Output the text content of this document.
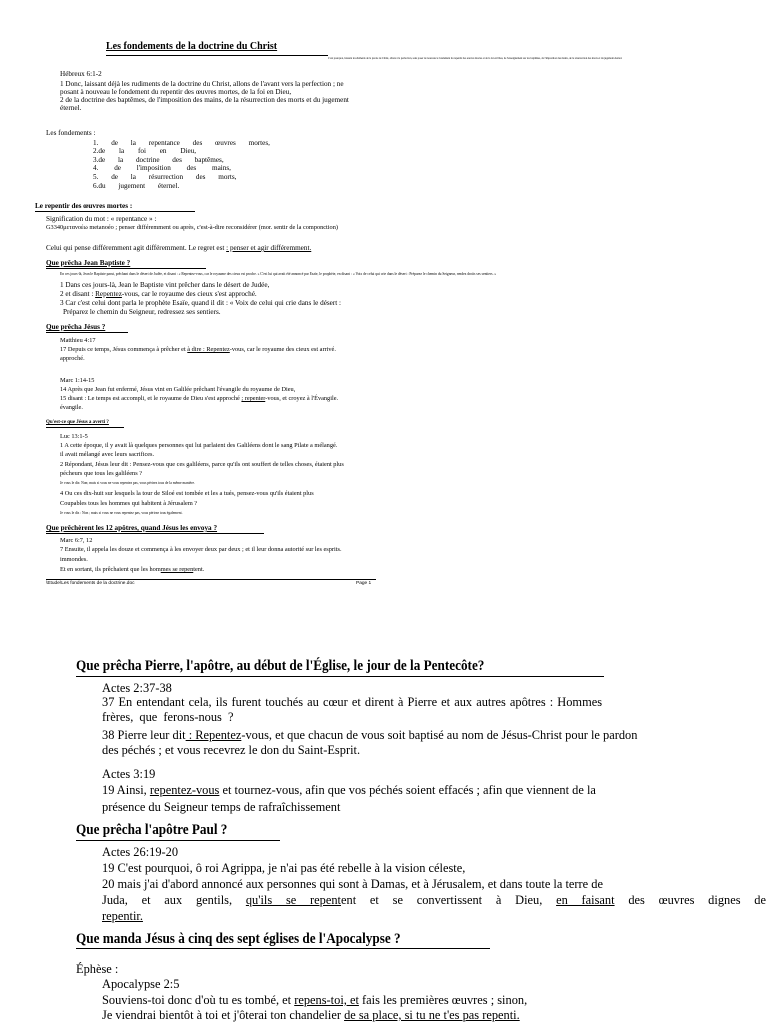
Les fondements de la doctrine du Christ
C'est pourquoi, laissant les éléments de la parole de Christ, allons à la perfection, sans poser de nouveau le fondement du repentir des œuvres mortes et de la foi en Dieu, de l'enseignement sur les baptêmes, de l'imposition des mains, de la résurrection des morts et du jugement éternel.
Hébreux 6:1-2
1 Donc, laissant déjà les rudiments de la doctrine du Christ, allons de l'avant vers la perfection ; ne
posant à nouveau le fondement du repentir des œuvres mortes, de la foi en Dieu,
2 de la doctrine des baptêmes, de l'imposition des mains, de la résurrection des morts et du jugement
éternel.
Les fondements :
1. de la repentance des œuvres mortes,
2.de la foi en Dieu,
3.de la doctrine des baptêmes,
4. de l'imposition des mains,
5. de la résurrection des morts,
6.du jugement éternel.
Le repentir des œuvres mortes :
Signification du mot : « repentance » :
G3340μετανοέω metanoéo ; penser différemment ou après, c'est-à-dire reconsidérer (mor. sentir de la componction)
Celui qui pense différemment agit différemment. Le regret est : penser et agir différemment.
Que prêcha Jean Baptiste ?
En ces jours-là, Jean le Baptiste parut, prêchant dans le désert de Judée, et disant : « Repentez-vous, car le royaume des cieux est proche. » C'est lui qui avait été annoncé par Esaïe, le prophète, en disant : « Voix de celui qui crie dans le désert : Préparez le chemin du Seigneur, rendez droits ses sentiers. »
1 Dans ces jours-là, Jean le Baptiste vint prêcher dans le désert de Judée,
2 et disant : Repentez-vous, car le royaume des cieux s'est approché.
3 Car c'est celui dont parla le prophète Esaïe, quand il dit : « Voix de celui qui crie dans le désert :
Préparez le chemin du Seigneur, redressez ses sentiers.
Que prêcha Jésus ?
Matthieu 4:17
17 Depuis ce temps, Jésus commença à prêcher et à dire : Repentez-vous, car le royaume des cieux est arrivé.
approché.
Marc 1:14-15
14 Après que Jean fut enfermé, Jésus vint en Galilée prêchant l'évangile du royaume de Dieu,
15 disant : Le temps est accompli, et le royaume de Dieu s'est approché ; repenter-vous, et croyez à l'Évangile.
évangile.
Qu'est-ce que Jésus a averti ?
Luc 13:1-5
1 A cette époque, il y avait là quelques personnes qui lui parlaient des Galiléens dont le sang Pilate a mélangé.
il avait mélangé avec leurs sacrifices.
2 Répondant, Jésus leur dit : Pensez-vous que ces galiléens, parce qu'ils ont souffert de telles choses, étaient plus
pécheurs que tous les galiléens ?
Je vous le dis: Non; mais si vous ne vous repentez pas, vous périrez tous de la même manière.
4 Ou ces dix-huit sur lesquels la tour de Siloé est tombée et les a tués, pensez-vous qu'ils étaient plus
Coupables tous les hommes qui habitent à Jérusalem ?
Je vous le dis : Non ; mais si vous ne vous repentez pas, vous périrez tous également.
Que prêchèrent les 12 apôtres, quand Jésus les envoya ?
Marc 6:7, 12
7 Ensuite, il appela les douze et commença à les envoyer deux par deux ; et il leur donna autorité sur les esprits.
immondes.
Et en sortant, ils prêchaient que les hommes se repentent.
\Etude\Les fondements de la doctrine.doc	Page 1
Que prêcha Pierre, l'apôtre, au début de l'Église, le jour de la Pentecôte?
Actes 2:37-38
37 En entendant cela, ils furent touchés au cœur et dirent à Pierre et aux autres apôtres : Hommes
frères, que ferons-nous ?
38 Pierre leur dit : Repentez-vous, et que chacun de vous soit baptisé au nom de Jésus-Christ pour le pardon
des péchés ; et vous recevrez le don du Saint-Esprit.
Actes 3:19
19 Ainsi, repentez-vous et tournez-vous, afin que vos péchés soient effacés ; afin que viennent de la
présence du Seigneur temps de rafraîchissement
Que prêcha l'apôtre Paul ?
Actes 26:19-20
19 C'est pourquoi, ô roi Agrippa, je n'ai pas été rebelle à la vision céleste,
20 mais j'ai d'abord annoncé aux personnes qui sont à Damas, et à Jérusalem, et dans toute la terre de
Juda, et aux gentils, qu'ils se repentent et se convertissent à Dieu, en faisant des œuvres dignes de
repentir.
Que manda Jésus à cinq des sept églises de l'Apocalypse ?
Éphèse :
Apocalypse 2:5
Souviens-toi donc d'où tu es tombé, et repens-toi, et fais les premières œuvres ; sinon,
Je viendrai bientôt à toi et j'ôterai ton chandelier de sa place, si tu ne t'es pas repenti.
